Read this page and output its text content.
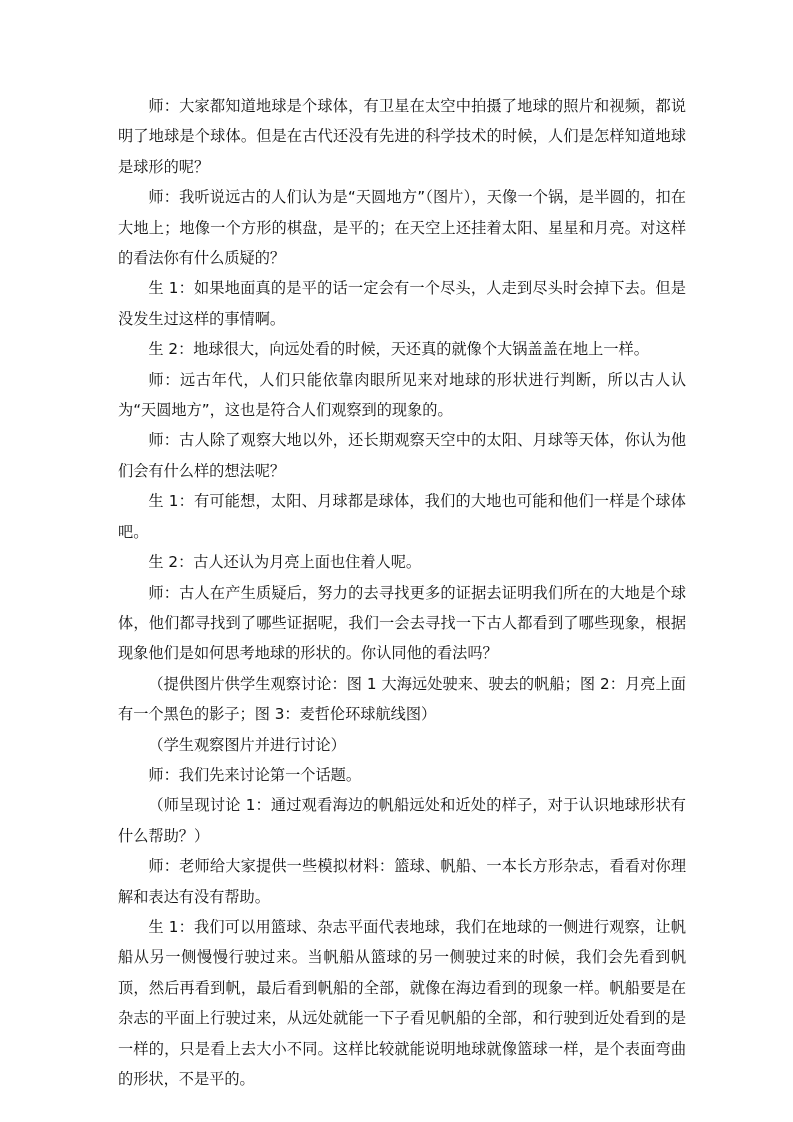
师：大家都知道地球是个球体，有卫星在太空中拍摄了地球的照片和视频，都说明了地球是个球体。但是在古代还没有先进的科学技术的时候，人们是怎样知道地球是球形的呢？

师：我听说远古的人们认为是“天圆地方”（图片），天像一个锅，是半圆的，扣在大地上；地像一个方形的棋盘，是平的；在天空上还挂着太阳、星星和月亮。对这样的看法你有什么质疑的？

生 1：如果地面真的是平的话一定会有一个尽头，人走到尽头时会掉下去。但是没发生过这样的事情啊。

生 2：地球很大，向远处看的时候，天还真的就像个大锅盖盖在地上一样。

师：远古年代，人们只能依靠肉眼所见来对地球的形状进行判断，所以古人认为“天圆地方”，这也是符合人们观察到的现象的。

师：古人除了观察大地以外，还长期观察天空中的太阳、月球等天体，你认为他们会有什么样的想法呢？

生 1：有可能想，太阳、月球都是球体，我们的大地也可能和他们一样是个球体吧。

生 2：古人还认为月亮上面也住着人呢。

师：古人在产生质疑后，努力的去寻找更多的证据去证明我们所在的大地是个球体，他们都寻找到了哪些证据呢，我们一会去寻找一下古人都看到了哪些现象，根据现象他们是如何思考地球的形状的。你认同他的看法吗？

（提供图片供学生观察讨论：图 1 大海远处驶来、驶去的帆船；图 2：月亮上面有一个黑色的影子；图 3：麦哲伦环球航线图）

（学生观察图片并进行讨论）

师：我们先来讨论第一个话题。

（师呈现讨论 1：通过观看海边的帆船远处和近处的样子，对于认识地球形状有什么帮助？）

师：老师给大家提供一些模拟材料：篮球、帆船、一本长方形杂志，看看对你理解和表达有没有帮助。

生 1：我们可以用篮球、杂志平面代表地球，我们在地球的一侧进行观察，让帆船从另一侧慢慢行驶过来。当帆船从篮球的另一侧驶过来的时候，我们会先看到帆顶，然后再看到帆，最后看到帆船的全部，就像在海边看到的现象一样。帆船要是在杂志的平面上行驶过来，从远处就能一下子看见帆船的全部，和行驶到近处看到的是一样的，只是看上去大小不同。这样比较就能说明地球就像篮球一样，是个表面弯曲的形状，不是平的。
